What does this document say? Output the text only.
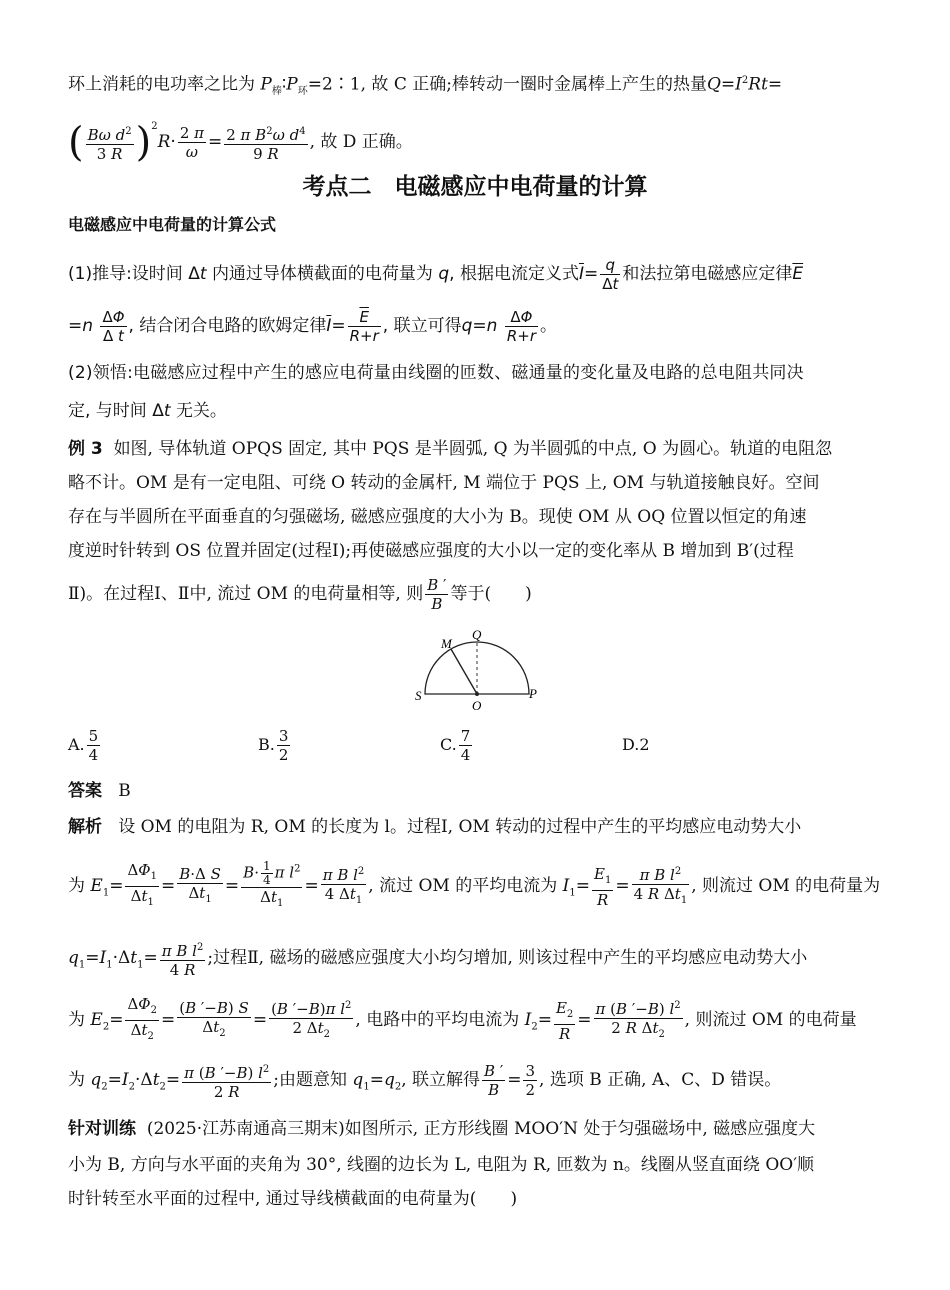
环上消耗的电功率之比为 $P_棒∶P_环=2∶1$, 故 C 正确;棒转动一圈时金属棒上产生的热量$Q=I^2Rt=$
( $\frac{B\omega d^2}{3 R} )^2R\cdot \frac{2 \pi}{\omega} = \frac{2 \pi B^2\omega d^4}{9 R}$ , 故 D 正确。
考点二　电磁感应中电荷量的计算
电磁感应中电荷量的计算公式
(1)推导:设时间 Δt 内通过导体横截面的电荷量为 q, 根据电流定义式$\overline{I}= \frac{q}{\Delta t}$ 和法拉第电磁感应定律$\overline{E}$
$=n \frac{\Delta\Phi}{\text{Δ t}}$ , 结合闭合电路的欧姆定律$\overline{I}= \frac{\overline{E}}{R+r}$ , 联立可得$q=n \frac{\Delta\Phi}{R+r}$ 。
(2)领悟:电磁感应过程中产生的感应电荷量由线圈的匝数、磁通量的变化量及电路的总电阻共同决
定, 与时间 Δt 无关。
例 3 如图, 导体轨道 OPQS 固定, 其中 PQS 是半圆弧, Q 为半圆弧的中点, O 为圆心。轨道的电阻忽
略不计。OM 是有一定电阻、可绕 O 转动的金属杆, M 端位于 PQS 上, OM 与轨道接触良好。空间
存在与半圆所在平面垂直的匀强磁场, 磁感应强度的大小为 B。现使 OM 从 OQ 位置以恒定的角速
度逆时针转到 OS 位置并固定(过程Ⅰ);再使磁感应强度的大小以一定的变化率从 B 增加到 B′(过程
Ⅱ)。在过程Ⅰ、Ⅱ中, 流过 OM 的电荷量相等, 则 $\frac{B '}{B}$ 等于(　　)
M
Q
S
O
P
A. $\frac{5}{4}$	B. $\frac{3}{2}$	C. $\frac{7}{4}$	D.2
答案 B
解析 设 OM 的电阻为 R, OM 的长度为 l。过程Ⅰ, OM 转动的过程中产生的平均感应电动势大小
为 $E_1= \frac{\Delta\Phi_1}{\Delta t_1} = \frac{\text{B·Δ S}}{\Delta t_1} = \frac{B\cdot \frac{1}{4} \pi l^2}{\Delta t_1} = \frac{\pi B l^2}{4 \Delta t_1}$ , 流过 OM 的平均电流为 $I_1= \frac{E_1}{R} = \frac{\pi B l^2}{4 R \Delta t_1}$ , 则流过 OM 的电荷量为
$q_1=I_1\cdot\Delta t_1= \frac{\pi B l^2}{4 R}$ ;过程Ⅱ, 磁场的磁感应强度大小均匀增加, 则该过程中产生的平均感应电动势大小
为 $E_2= \frac{\Delta\Phi_2}{\Delta t_2} = \frac{(B '-B) S}{\Delta t_2} = \frac{(B '-B)\pi l^2}{2 \Delta t_2}$ , 电路中的平均电流为 $I_2= \frac{E_2}{R} = \frac{\pi (B '-B) l^2}{2 R \Delta t_2}$ , 则流过 OM 的电荷量
为 $q_2=I_2\cdot\Delta t_2= \frac{\pi (B '-B) l^2}{2 R}$ ;由题意知 $q_1=q_2$, 联立解得 $\frac{B '}{B} = \frac{3}{2}$ , 选项 B 正确, A、C、D 错误。
针对训练 (2025·江苏南通高三期末)如图所示, 正方形线圈 MOO′N 处于匀强磁场中, 磁感应强度大
小为 B, 方向与水平面的夹角为 30°, 线圈的边长为 L, 电阻为 R, 匝数为 n。线圈从竖直面绕 OO′顺
时针转至水平面的过程中, 通过导线横截面的电荷量为(　　)
